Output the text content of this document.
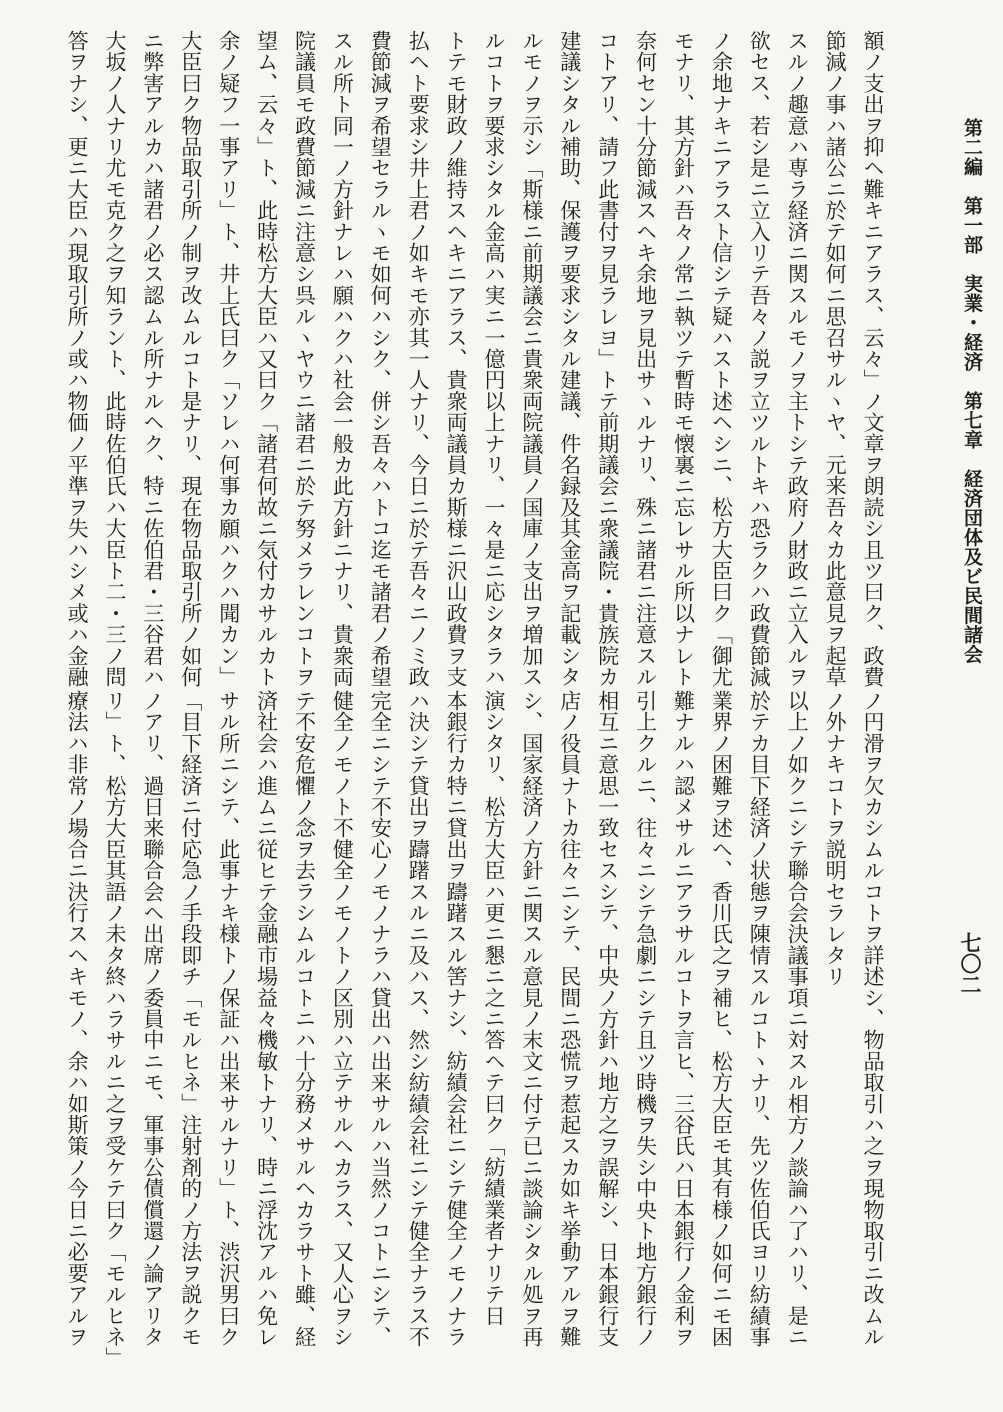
第二編　第一部　実業・経済　第七章　経済団体及ビ民間諸会
七〇二
額ノ支出ヲ抑ヘ難キニアラス、云々」ノ文章ヲ朗読シ且ツ曰ク、政費
節減ノ事ハ諸公ニ於テ如何ニ思召サルヽヤ、元来吾々カ此意見ヲ起草
スルノ趣意ハ専ラ経済ニ関スルモノヲ主トシテ政府ノ財政ニ立入ルヲ
欲セス、若シ是ニ立入リテ吾々ノ説ヲ立ツルトキハ恐ラクハ政費節減
ノ余地ナキニアラスト信シテ疑ハスト述ヘシニ、松方大臣曰ク「御尤
モナリ、其方針ハ吾々ノ常ニ執ツテ暫時モ懐裏ニ忘レサル所以ナレト
奈何セン十分節減スヘキ余地ヲ見出サヽルナリ、殊ニ諸君ニ注意スル
コトアリ、請フ此書付ヲ見ラレヨ」トテ前期議会ニ衆議院・貴族院カ
建議シタル補助、保護ヲ要求シタル建議、件名録及其金高ヲ記載シタ
ルモノヲ示シ「斯様ニ前期議会ニ貴衆両院議員ノ国庫ノ支出ヲ増加ス
ルコトヲ要求シタル金高ハ実ニ一億円以上ナリ、一々是ニ応シタラハ
トテモ財政ノ維持スヘキニアラス、貴衆両議員カ斯様ニ沢山政費ヲ支
払ヘト要求シ井上君ノ如キモ亦其一人ナリ、今日ニ於テ吾々ニノミ政
費節減ヲ希望セラルヽモ如何ハシク、併シ吾々ハトコ迄モ諸君ノ希望
スル所ト同一ノ方針ナレハ願ハクハ社会一般カ此方針ニナリ、貴衆両
院議員モ政費節減ニ注意シ呉ルヽヤウニ諸君ニ於テ努メラレンコトヲ
望ム、云々」ト、此時松方大臣ハ又曰ク「諸君何故ニ気付カサルカト
余ノ疑フ一事アリ」ト、井上氏曰ク「ソレハ何事カ願ハクハ聞カン」
大臣曰ク物品取引所ノ制ヲ改ムルコト是ナリ、現在物品取引所ノ如何
ニ弊害アルカハ諸君ノ必ス認ムル所ナルヘク、特ニ佐伯君・三谷君ハ
大坂ノ人ナリ尤モ克ク之ヲ知ラント、此時佐伯氏ハ大臣ト二・三ノ問
答ヲナシ、更ニ大臣ハ現取引所ノ或ハ物価ノ平準ヲ失ハシメ或ハ金融
ノ円滑ヲ欠カシムルコトヲ詳述シ、物品取引ハ之ヲ現物取引ニ改ムル
ノ外ナキコトヲ説明セラレタリ
以上ノ如クニシテ聯合会決議事項ニ対スル相方ノ談論ハ了ハリ、是ニ
於テカ目下経済ノ状態ヲ陳情スルコトヽナリ、先ツ佐伯氏ヨリ紡績事
業界ノ困難ヲ述ヘ、香川氏之ヲ補ヒ、松方大臣モ其有様ノ如何ニモ困
難ナルハ認メサルニアラサルコトヲ言ヒ、三谷氏ハ日本銀行ノ金利ヲ
引上クルニ、往々ニシテ急劇ニシテ且ツ時機ヲ失シ中央ト地方銀行ノ
相互ニ意思一致セスシテ、中央ノ方針ハ地方之ヲ誤解シ、日本銀行支
店ノ役員ナトカ往々ニシテ、民間ニ恐慌ヲ惹起スカ如キ挙動アルヲ難
シ、国家経済ノ方針ニ関スル意見ノ末文ニ付テ已ニ談論シタル処ヲ再
演シタリ、松方大臣ハ更ニ懇ニ之ニ答ヘテ曰ク「紡績業者ナリテ日
本銀行カ特ニ貸出ヲ躊躇スル筈ナシ、紡績会社ニシテ健全ノモノナラ
ハ決シテ貸出ヲ躊躇スルニ及ハス、然シ紡績会社ニシテ健全ナラス不
完全ニシテ不安心ノモノナラハ貸出ハ出来サルハ当然ノコトニシテ、
健全ノモノト不健全ノモノトノ区別ハ立テサルヘカラス、又人心ヲシ
テ不安危懼ノ念ヲ去ラシムルコトニハ十分務メサルヘカラサト雖、経
済社会ハ進ムニ従ヒテ金融市場益々機敏トナリ、時ニ浮沈アルハ免レ
サル所ニシテ、此事ナキ様トノ保証ハ出来サルナリ」ト、渋沢男曰ク
「目下経済ニ付応急ノ手段即チ「モルヒネ」注射剤的ノ方法ヲ説クモ
ノアリ、過日来聯合会ヘ出席ノ委員中ニモ、軍事公債償還ノ論アリタ
リ」ト、松方大臣其語ノ未タ終ハラサルニ之ヲ受ケテ曰ク「モルヒネ」
療法ハ非常ノ場合ニ決行スヘキモノ、余ハ如斯策ノ今日ニ必要アルヲ
